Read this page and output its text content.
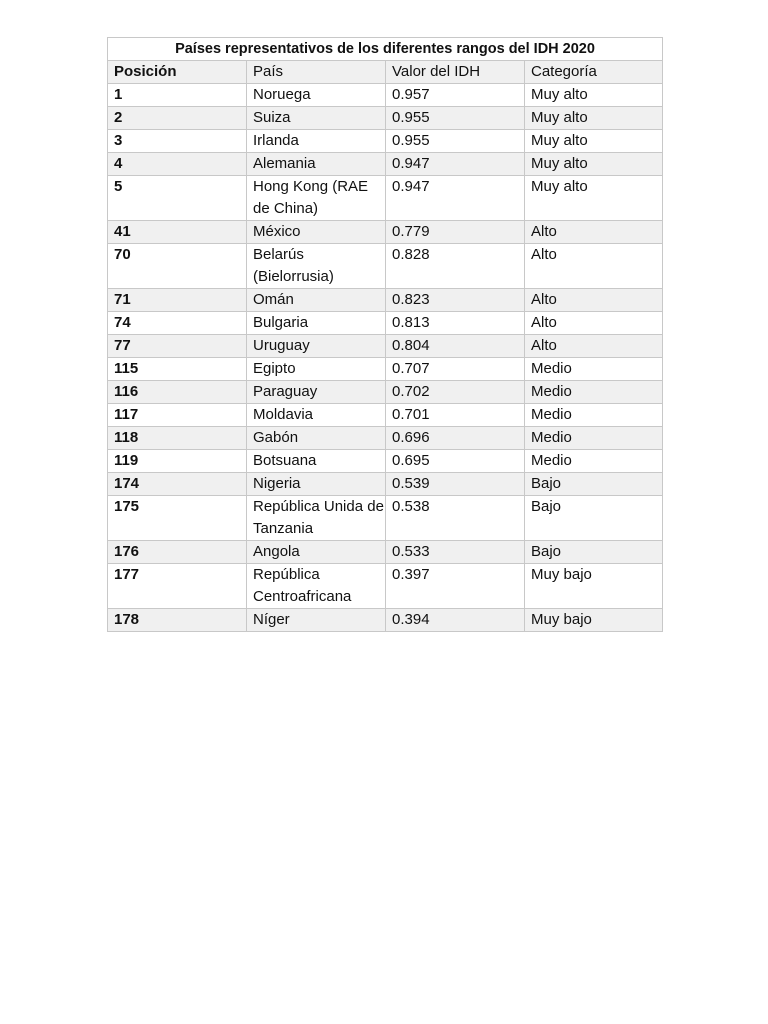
Países representativos de los diferentes rangos del IDH 2020			
Posición	País	Valor del IDH	Categoría
1	Noruega	0.957	Muy alto
2	Suiza	0.955	Muy alto
3	Irlanda	0.955	Muy alto
4	Alemania	0.947	Muy alto
5	Hong Kong (RAE de China)	0.947	Muy alto
41	México	0.779	Alto
70	Belarús (Bielorrusia)	0.828	Alto
71	Omán	0.823	Alto
74	Bulgaria	0.813	Alto
77	Uruguay	0.804	Alto
115	Egipto	0.707	Medio
116	Paraguay	0.702	Medio
117	Moldavia	0.701	Medio
118	Gabón	0.696	Medio
119	Botsuana	0.695	Medio
174	Nigeria	0.539	Bajo
175	República Unida de Tanzania	0.538	Bajo
176	Angola	0.533	Bajo
177	República Centroafricana	0.397	Muy bajo
178	Níger	0.394	Muy bajo
